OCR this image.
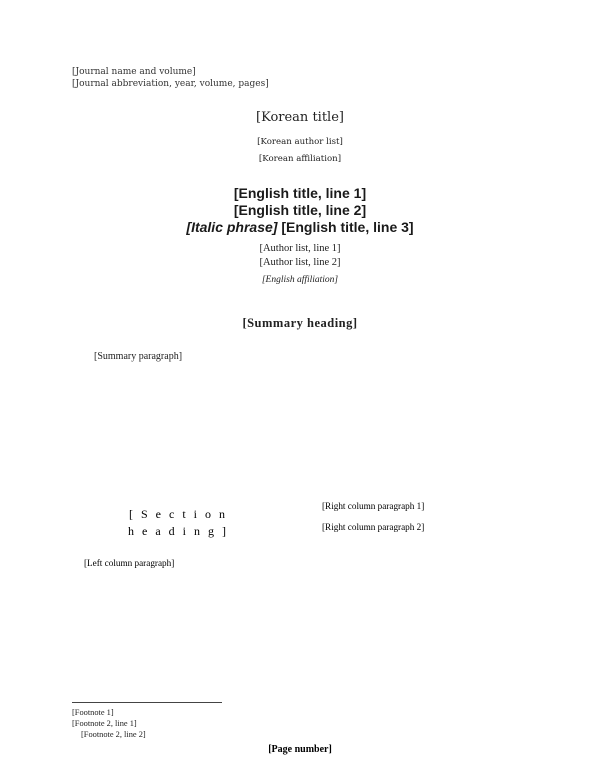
[Journal name and volume]
[Journal abbreviation, year, volume, pages]
[Korean title]
[Korean author list]
[Korean affiliation]
[English title, line 1]
[English title, line 2]
[Italic phrase] [English title, line 3]
[Author list, line 1]
[Author list, line 2]
[English affiliation]
[Summary heading]
[Summary paragraph]
[Section heading]

[Left column paragraph]

[Right column paragraph 1]

[Right column paragraph 2]

[Footnote 1]
[Footnote 2, line 1]
[Footnote 2, line 2]
[Page number]
